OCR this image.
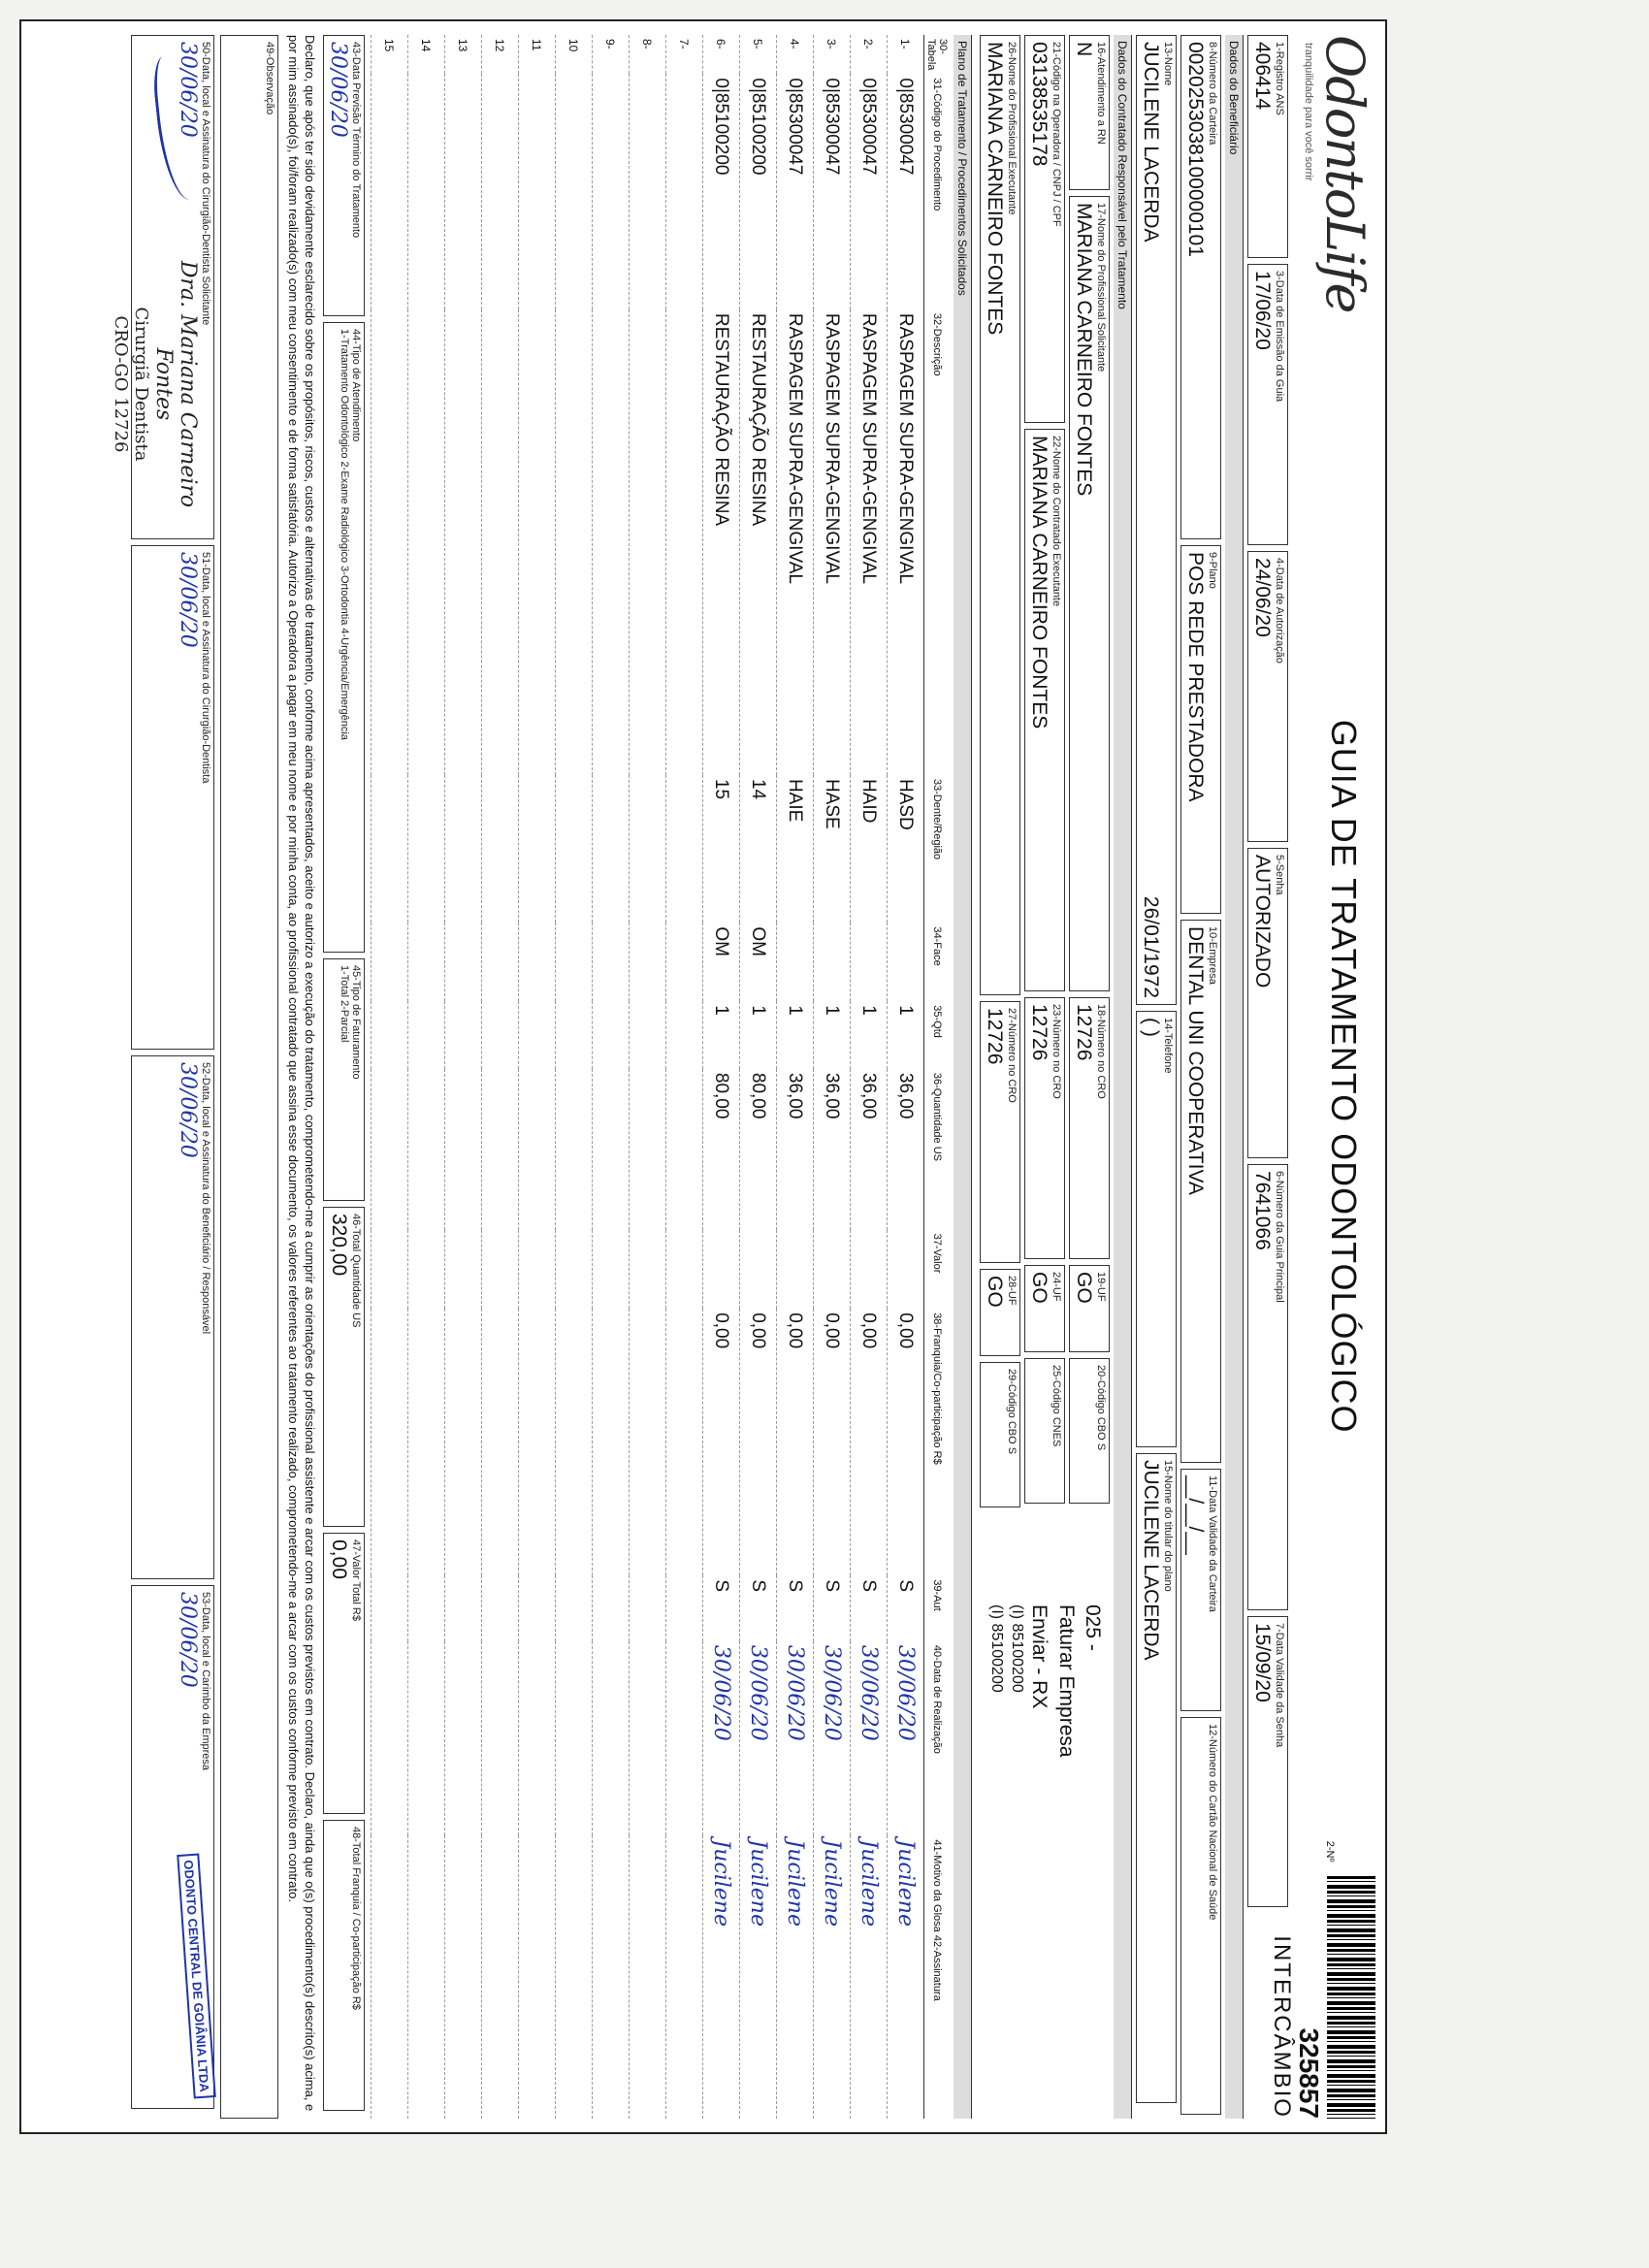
OdontoLife
tranquilidade para você sorrir
GUIA DE TRATAMENTO ODONTOLÓGICO
2-Nº
325857
INTERCÂMBIO
1-Registro ANS
406414
3-Data de Emissão da Guia
17/06/20
4-Data de Autorização
24/06/20
5-Senha
AUTORIZADO
6-Número da Guia Principal
7641066
7-Data Validade da Senha
15/09/20
Dados do Beneficiário
8-Número da Carteira
0020253038100000101
9-Plano
POS REDE PRESTADORA
10-Empresa
DENTAL UNI COOPERATIVA
11-Data Validade da Carteira
__/__/__
12-Número do Cartão Nacional de Saúde
13-Nome
JUCILENE LACERDA
26/01/1972
14-Telefone
( )
15-Nome do titular do plano
JUCILENE LACERDA
Dados do Contratado Responsável pelo Tratamento
16-Atendimento a RN
N
17-Nome do Profissional Solicitante
MARIANA CARNEIRO FONTES
18-Número no CRO
12726
19-UF
GO
20-Código CBO S
21-Código na Operadora / CNPJ / CPF
03138535178
22-Nome do Contratado Executante
MARIANA CARNEIRO FONTES
23-Número no CRO
12726
24-UF
GO
25-Código CNES
26-Nome do Profissional Executante
MARIANA CARNEIRO FONTES
27-Número no CRO
12726
28-UF
GO
29-Código CBO S
025 -
Faturar Empresa
Enviar - RX
(I) 85100200
(I) 85100200
Plano de Tratamento / Procedimentos Solicitados
30-Tabela	31-Código do Procedimento	32-Descrição	33-Dente/Região	34-Face	35-Qtd	36-Quantidade US	37-Valor	38-Franquia/Co-participação R$	39-Aut	40-Data de Realização	41-Motivo da Glosa 42-Assinatura
1-	0|85300047	RASPAGEM SUPRA-GENGIVAL	HASD		1	36,00		0,00	S	30/06/20	Jucilene
2-	0|85300047	RASPAGEM SUPRA-GENGIVAL	HAID		1	36,00		0,00	S	30/06/20	Jucilene
3-	0|85300047	RASPAGEM SUPRA-GENGIVAL	HASE		1	36,00		0,00	S	30/06/20	Jucilene
4-	0|85300047	RASPAGEM SUPRA-GENGIVAL	HAIE		1	36,00		0,00	S	30/06/20	Jucilene
5-	0|85100200	RESTAURAÇÃO RESINA	14	OM	1	80,00		0,00	S	30/06/20	Jucilene
6-	0|85100200	RESTAURAÇÃO RESINA	15	OM	1	80,00		0,00	S	30/06/20	Jucilene
7-											
8-											
9-											
10											
11											
12											
13											
14											
15											
43-Data Previsão Término do Tratamento
30/06/20
44-Tipo de Atendimento
1-Tratamento Odontológico 2-Exame Radiológico 3-Ortodontia 4-Urgência/Emergência
45-Tipo de Faturamento
1-Total 2-Parcial
46-Total Quantidade US
320,00
47-Valor Total R$
0,00
48-Total Franquia / Co-participação R$
Declaro, que após ter sido devidamente esclarecido sobre os propósitos, riscos, custos e alternativas de tratamento, conforme acima apresentados, aceito e autorizo a execução do tratamento, comprometendo-me a cumprir as orientações do profissional assistente e arcar com os custos previstos em contrato. Declaro, ainda que o(s) procedimento(s) descrito(s) acima, e por mim assinado(s), foi/foram realizado(s) com meu consentimento e de forma satisfatória. Autorizo a Operadora a pagar em meu nome e por minha conta, ao profissional contratado que assina esse documento, os valores referentes ao tratamento realizado, comprometendo-me a arcar com os custos conforme previsto em contrato.
49-Observação
50-Data, local e Assinatura do Cirurgião-Dentista Solicitante
30/06/20
Dra. Mariana Carneiro Fontes
Cirurgiã Dentista
CRO-GO 12726
51-Data, local e Assinatura do Cirurgião-Dentista
30/06/20
52-Data, local e Assinatura do Beneficiário / Responsável
30/06/20
53-Data, local e Carimbo da Empresa
30/06/20
ODONTO CENTRAL DE GOIÂNIA LTDA
